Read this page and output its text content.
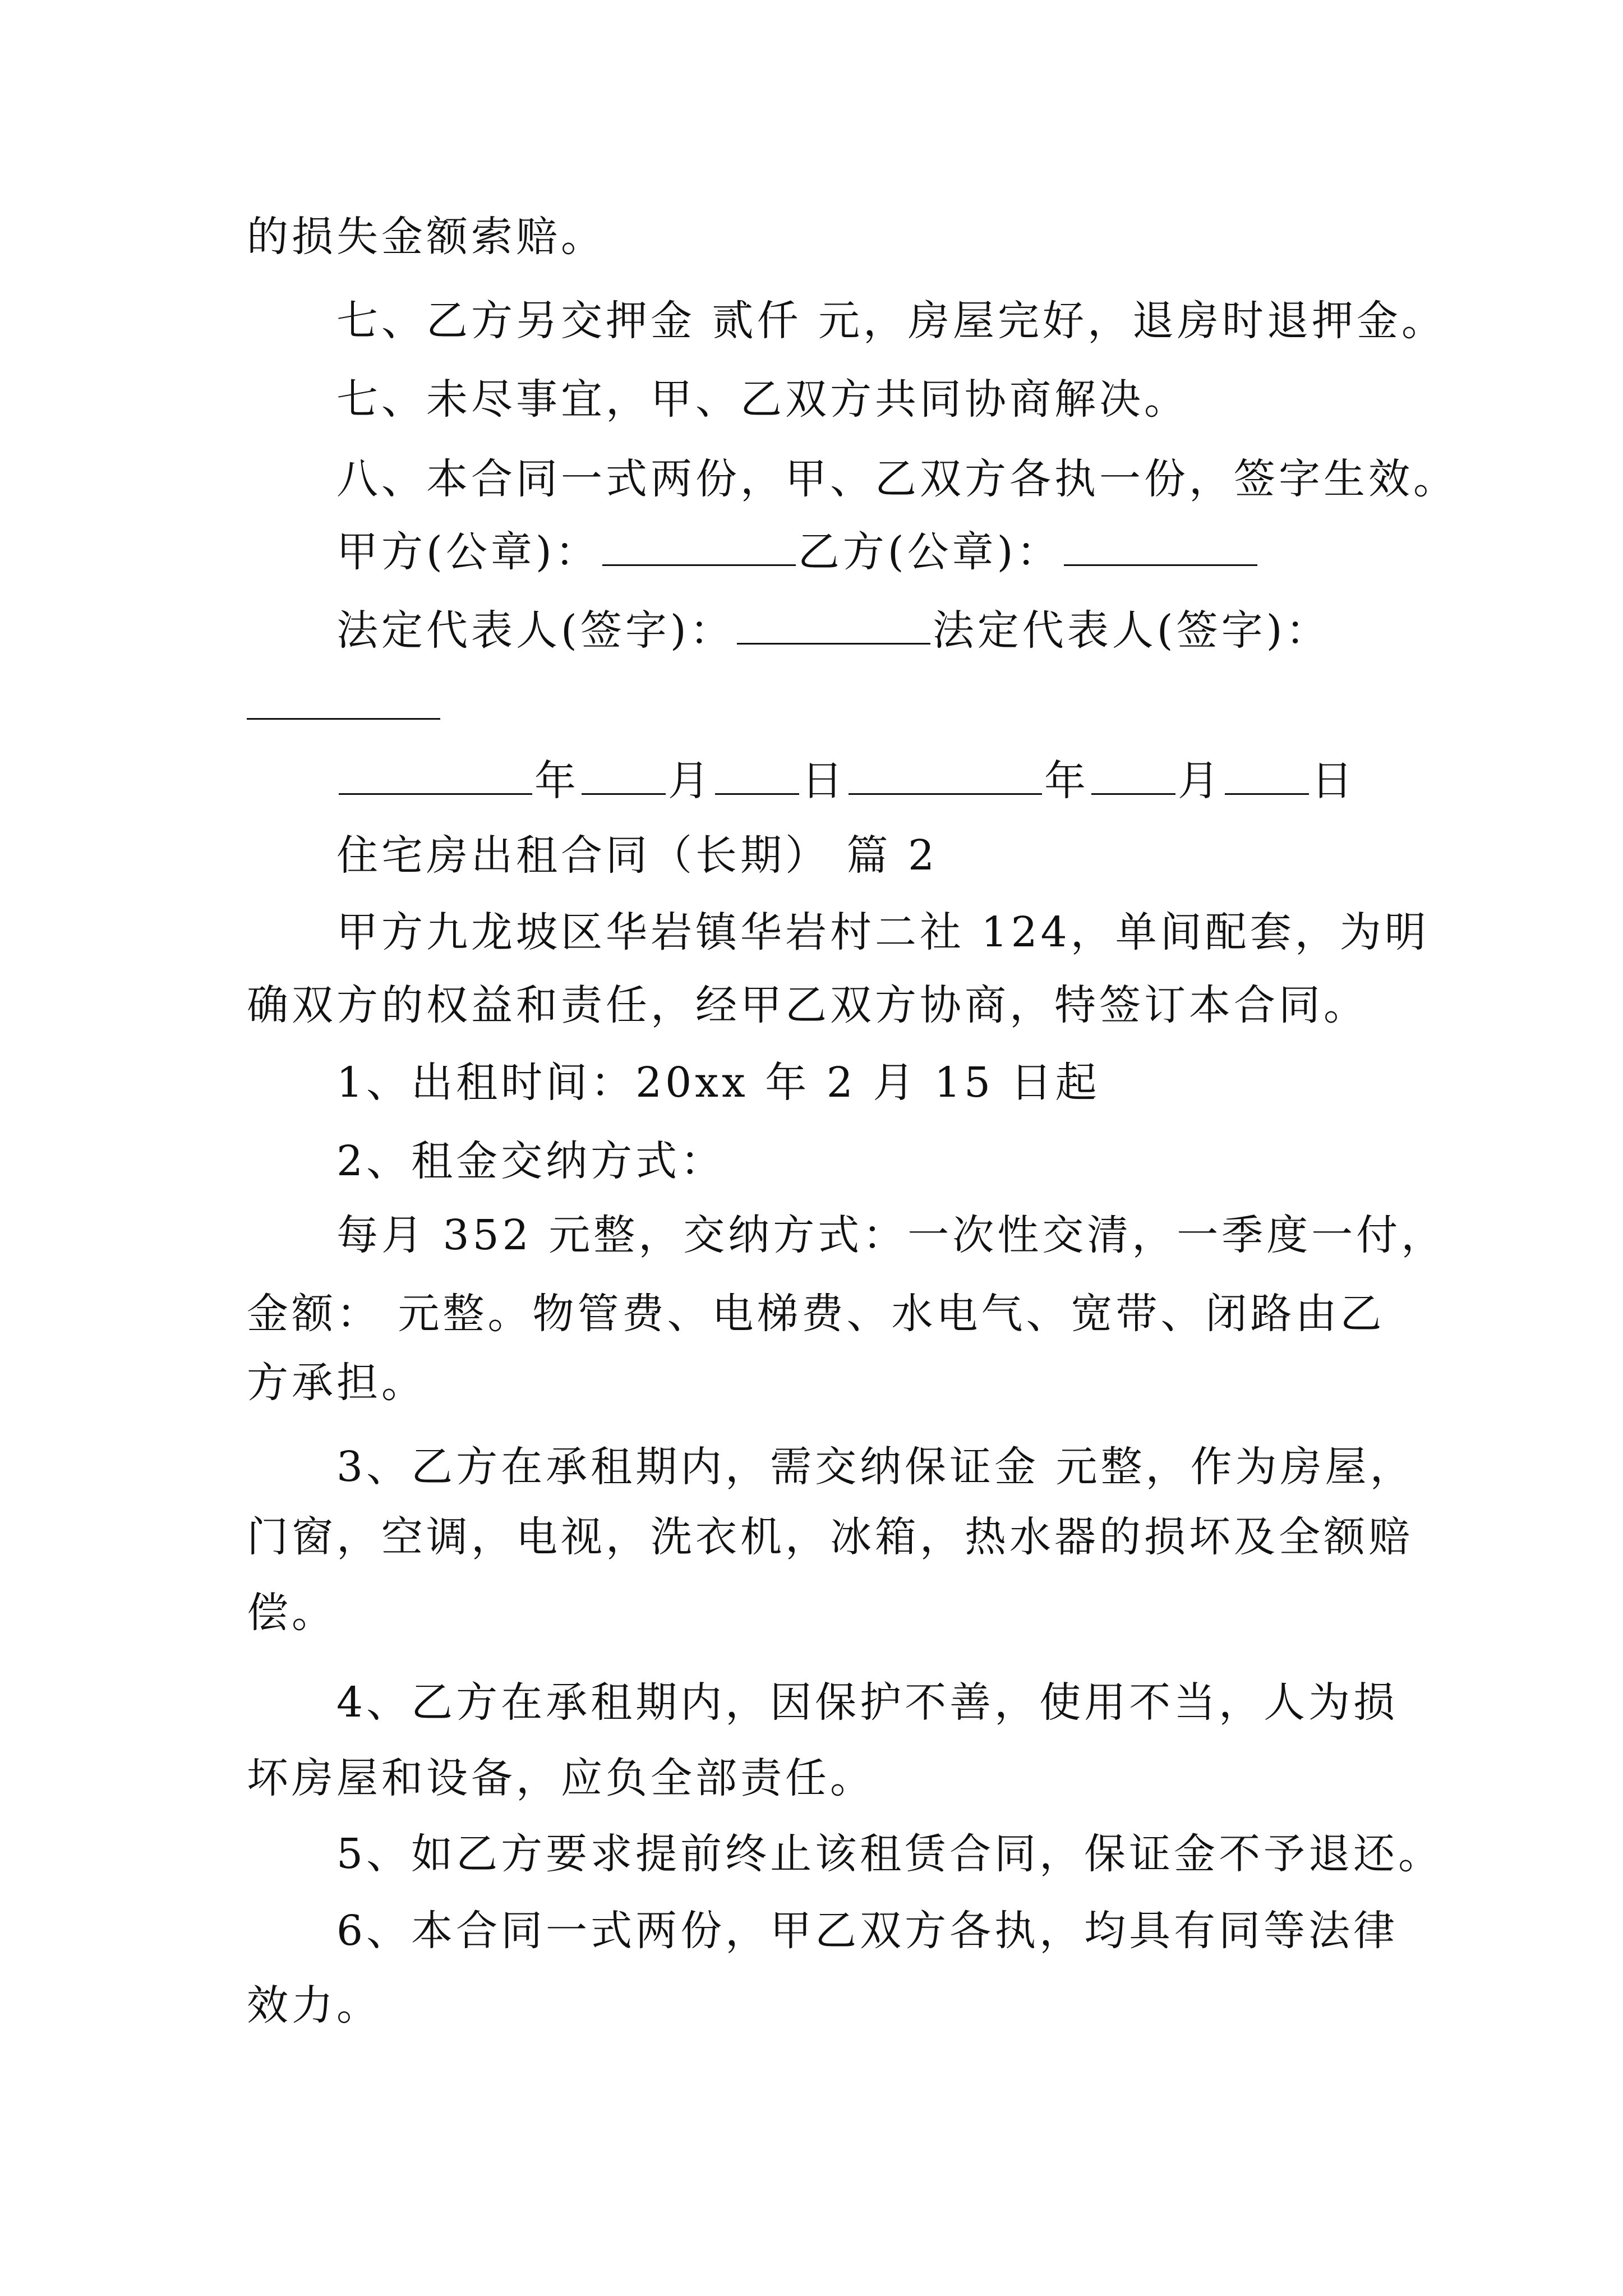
的损失金额索赔。
七、乙方另交押金 贰仟 元，房屋完好，退房时退押金。
七、未尽事宜，甲、乙双方共同协商解决。
八、本合同一式两份，甲、乙双方各执一份，签字生效。
甲方(公章)：	乙方(公章)：
法定代表人(签字)：	法定代表人(签字)：
年 月 日	年 月 日
住宅房出租合同（长期） 篇 2
甲方九龙坡区华岩镇华岩村二社 124，单间配套，为明
确双方的权益和责任，经甲乙双方协商，特签订本合同。
1、出租时间：20xx 年 2 月 15 日起
2、租金交纳方式：
每月 352 元整，交纳方式：一次性交清，一季度一付，
金额： 元整。物管费、电梯费、水电气、宽带、闭路由乙
方承担。
3、乙方在承租期内，需交纳保证金 元整，作为房屋，
门窗，空调，电视，洗衣机，冰箱，热水器的损坏及全额赔
偿。
4、乙方在承租期内，因保护不善，使用不当，人为损
坏房屋和设备，应负全部责任。
5、如乙方要求提前终止该租赁合同，保证金不予退还。
6、本合同一式两份，甲乙双方各执，均具有同等法律
效力。
